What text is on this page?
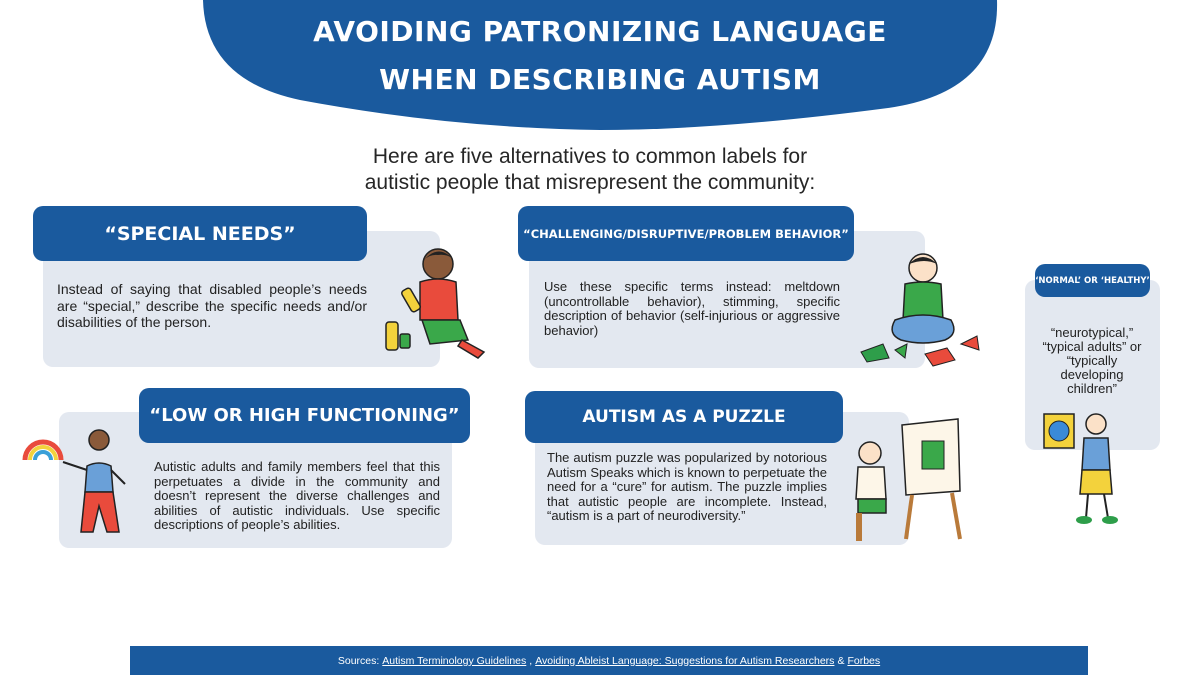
AVOIDING PATRONIZING LANGUAGE
WHEN DESCRIBING AUTISM
Here are five alternatives to common labels for
autistic people that misrepresent the community:
“SPECIAL NEEDS”
Instead of saying that disabled people’s needs are “special,” describe the specific needs and/or disabilities of the person.
“CHALLENGING/DISRUPTIVE/PROBLEM BEHAVIOR”
Use these specific terms instead: meltdown (uncontrollable behavior), stimming, specific description of behavior (self-injurious or aggressive behavior)
“LOW OR HIGH FUNCTIONING”
Autistic adults and family members feel that this perpetuates a divide in the community and doesn’t represent the diverse challenges and abilities of autistic individuals. Use specific descriptions of people’s abilities.
AUTISM AS A PUZZLE
The autism puzzle was popularized by notorious Autism Speaks which is known to perpetuate the need for a “cure” for autism. The puzzle implies that autistic people are incomplete. Instead, “autism is a part of neurodiversity.”
‘NORMAL’ OR ‘HEALTHY’
“neurotypical,” “typical adults” or “typically developing children”
Sources: Autism Terminology Guidelines , Avoiding Ableist Language: Suggestions for Autism Researchers & Forbes
